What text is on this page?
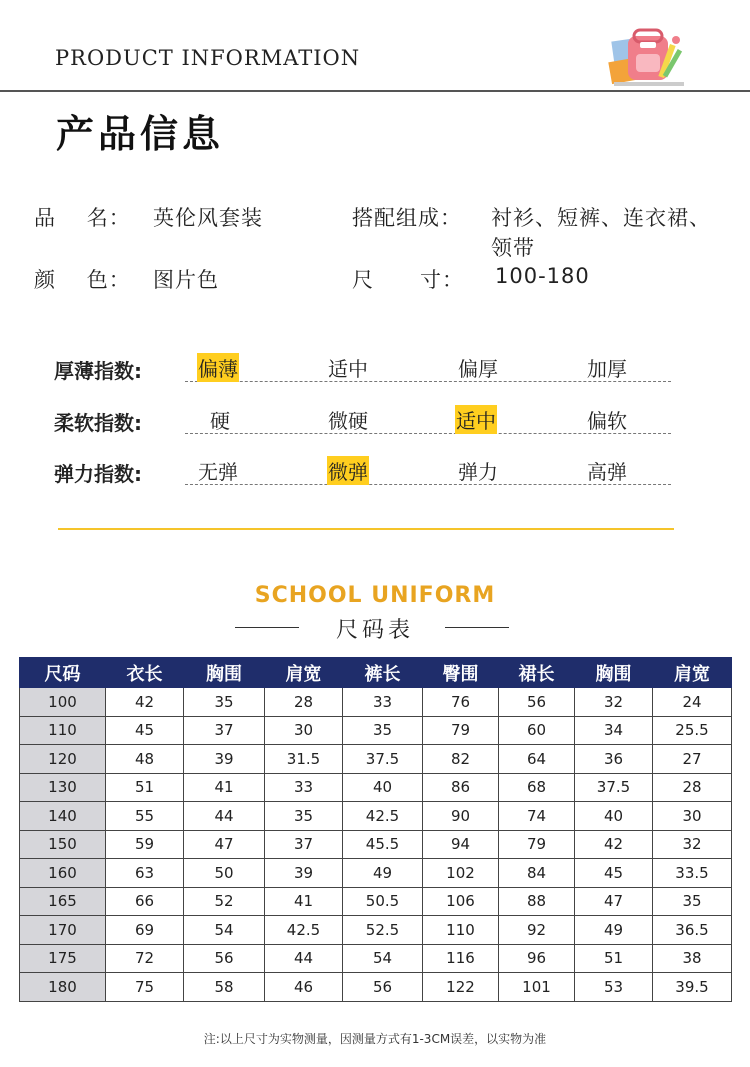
PRODUCT INFORMATION
产品信息
品    名： 英伦风套装	搭配组成： 衬衫、短裤、连衣裙、
领带
颜    色： 图片色	尺      寸： 100-180
厚薄指数:	偏薄	适中	偏厚	加厚
柔软指数:	硬	微硬	适中	偏软
弹力指数:	无弹	微弹	弹力	高弹
SCHOOL UNIFORM
尺码表
尺码	衣长	胸围	肩宽	裤长	臀围	裙长	胸围	肩宽
100	42	35	28	33	76	56	32	24
110	45	37	30	35	79	60	34	25.5
120	48	39	31.5	37.5	82	64	36	27
130	51	41	33	40	86	68	37.5	28
140	55	44	35	42.5	90	74	40	30
150	59	47	37	45.5	94	79	42	32
160	63	50	39	49	102	84	45	33.5
165	66	52	41	50.5	106	88	47	35
170	69	54	42.5	52.5	110	92	49	36.5
175	72	56	44	54	116	96	51	38
180	75	58	46	56	122	101	53	39.5
注:以上尺寸为实物测量，因测量方式有1-3CM误差，以实物为准
